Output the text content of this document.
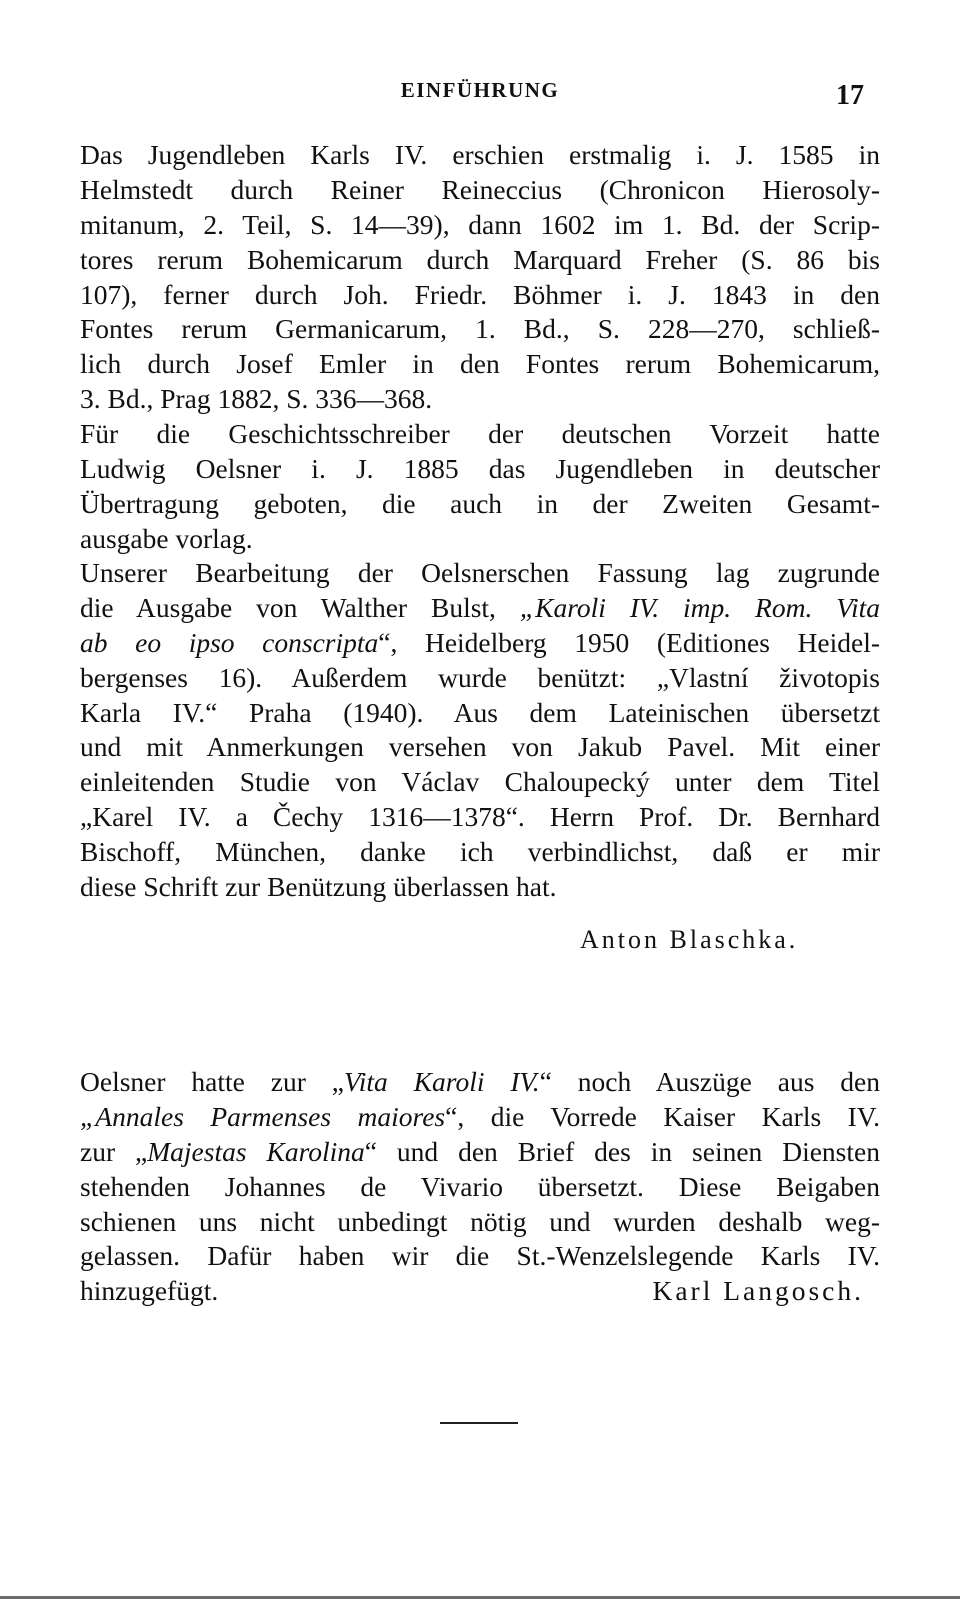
EINFÜHRUNG	17
Das Jugendleben Karls IV. erschien erstmalig i. J. 1585 in
Helmstedt durch Reiner Reineccius (Chronicon Hierosoly-
mitanum, 2. Teil, S. 14—39), dann 1602 im 1. Bd. der Scrip-
tores rerum Bohemicarum durch Marquard Freher (S. 86 bis
107), ferner durch Joh. Friedr. Böhmer i. J. 1843 in den
Fontes rerum Germanicarum, 1. Bd., S. 228—270, schließ-
lich durch Josef Emler in den Fontes rerum Bohemicarum,
3. Bd., Prag 1882, S. 336—368.
Für die Geschichtsschreiber der deutschen Vorzeit hatte
Ludwig Oelsner i. J. 1885 das Jugendleben in deutscher
Übertragung geboten, die auch in der Zweiten Gesamt-
ausgabe vorlag.
Unserer Bearbeitung der Oelsnerschen Fassung lag zugrunde
die Ausgabe von Walther Bulst, „Karoli IV. imp. Rom. Vita
ab eo ipso conscripta“, Heidelberg 1950 (Editiones Heidel-
bergenses 16). Außerdem wurde benützt: „Vlastní životopis
Karla IV.“ Praha (1940). Aus dem Lateinischen übersetzt
und mit Anmerkungen versehen von Jakub Pavel. Mit einer
einleitenden Studie von Václav Chaloupecký unter dem Titel
„Karel IV. a Čechy 1316—1378“. Herrn Prof. Dr. Bernhard
Bischoff, München, danke ich verbindlichst, daß er mir
diese Schrift zur Benützung überlassen hat.
Anton Blaschka.
Oelsner hatte zur „Vita Karoli IV.“ noch Auszüge aus den
„Annales Parmenses maiores“, die Vorrede Kaiser Karls IV.
zur „Majestas Karolina“ und den Brief des in seinen Diensten
stehenden Johannes de Vivario übersetzt. Diese Beigaben
schienen uns nicht unbedingt nötig und wurden deshalb weg-
gelassen. Dafür haben wir die St.-Wenzelslegende Karls IV.
hinzugefügt.	Karl Langosch.
